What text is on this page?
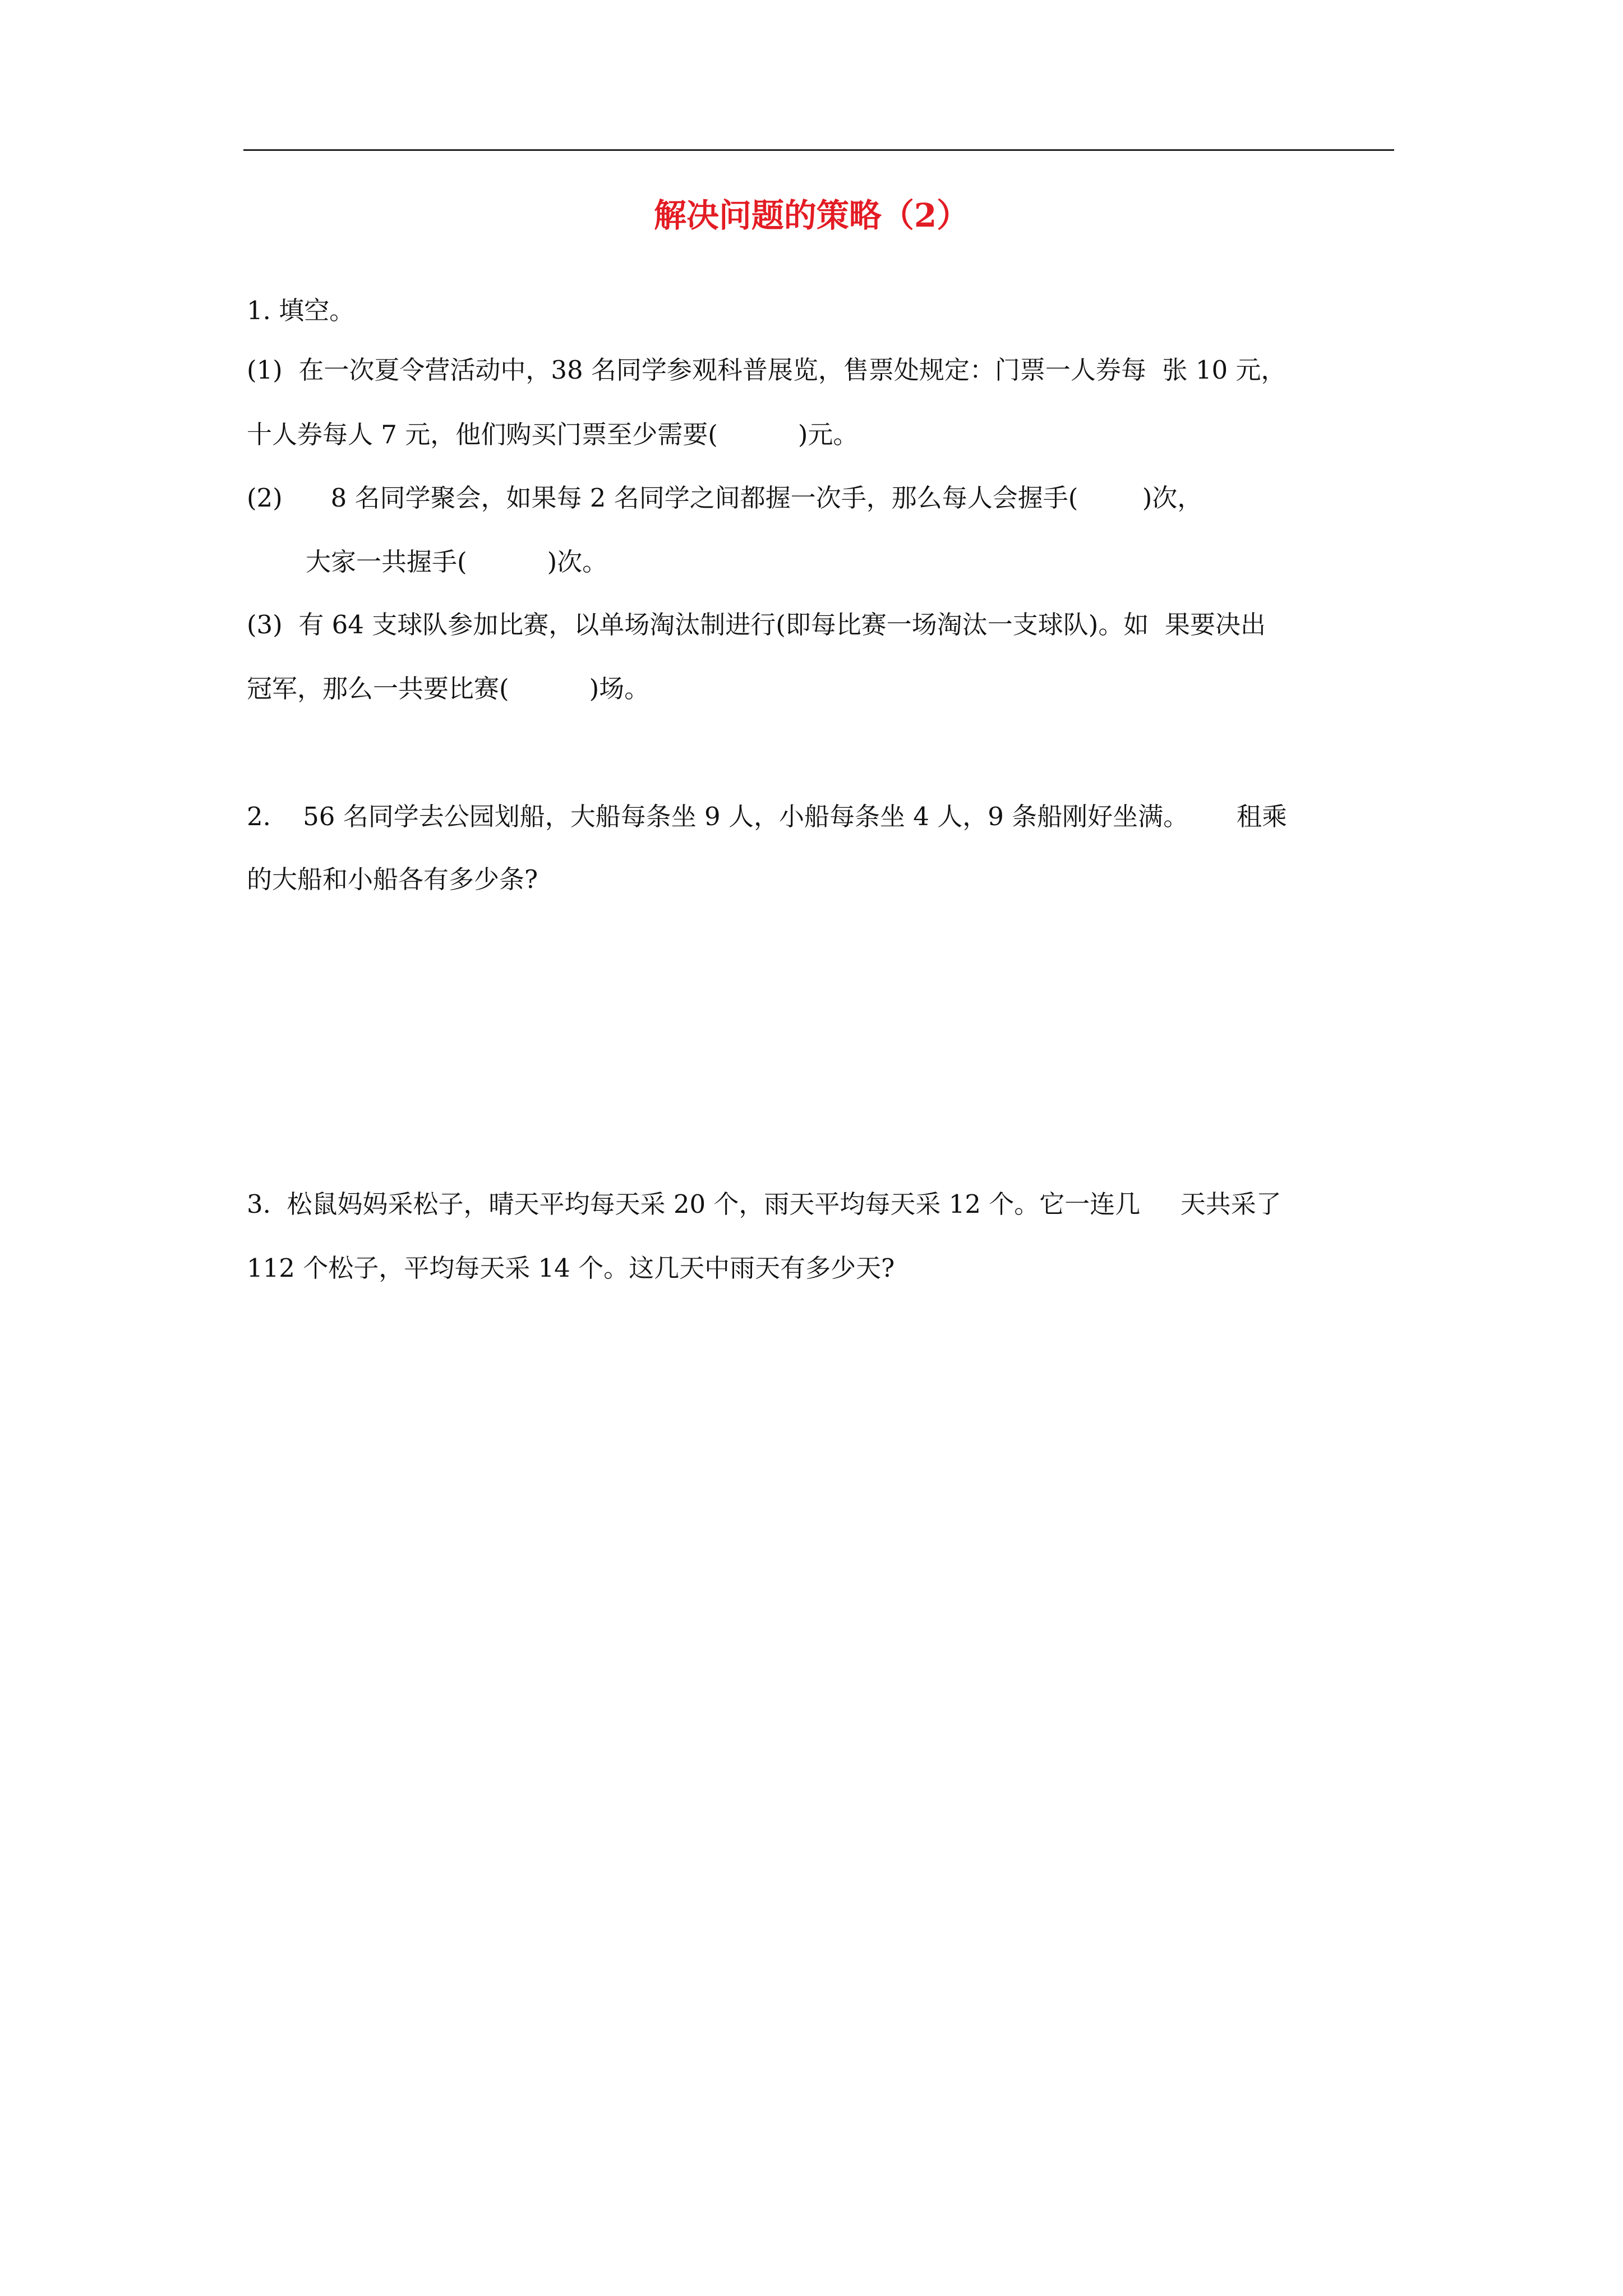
解决问题的策略（2）
1. 填空。
(1)  在一次夏令营活动中，38 名同学参观科普展览，售票处规定：门票一人券每  张 10 元，
十人券每人 7 元，他们购买门票至少需要(          )元。
(2)      8 名同学聚会，如果每 2 名同学之间都握一次手，那么每人会握手(        )次，
大家一共握手(          )次。
(3)  有 64 支球队参加比赛，以单场淘汰制进行(即每比赛一场淘汰一支球队)。如  果要决出
冠军，那么一共要比赛(          )场。
2.    56 名同学去公园划船，大船每条坐 9 人，小船每条坐 4 人，9 条船刚好坐满。      租乘
的大船和小船各有多少条?
3.  松鼠妈妈采松子，晴天平均每天采 20 个，雨天平均每天采 12 个。它一连几     天共采了
112 个松子，平均每天采 14 个。这几天中雨天有多少天?
